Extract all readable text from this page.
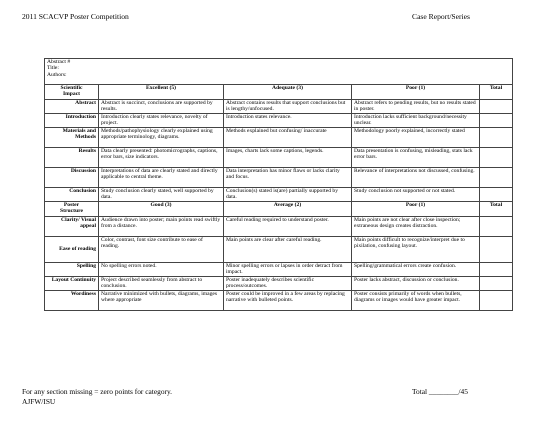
2011 SCACVP Poster Competition	Case Report/Series
Abstract #
Title:
Authors:				

Scientific
Impact	Excellent (5)	Adequate (3)	Poor (1)	Total
Abstract	Abstract is succinct, conclusions are supported by results.	Abstract contains results that support conclusions but is lengthy/unfocused.	Abstract refers to pending results, but no results stated in poster.	
Introduction	Introduction clearly states relevance, novelty of project.	Introduction states relevance.	Introduction lacks sufficient background/necessity unclear.	
Materials and Methods	Methods/pathophysiology clearly explained using appropriate terminology, diagrams.	Methods explained but confusing/ inaccurate	Methodology poorly explained, incorrectly stated	
Results	Data clearly presented: photomicrographs, captions, error bars, size indicators.	Images, charts lack some captions, legends.	Data presentation is confusing, misleading, stats lack error bars.	
Discussion	Interpretations of data are clearly stated and directly applicable to central theme.	Data interpretation has minor flaws or lacks clarity and focus.	Relevance of interpretations not discussed, confusing.	
Conclusion	Study conclusion clearly stated, well supported by data.	Conclusion(s) stated is(are) partially supported by data.	Study conclusion not supported or not stated.	

Poster
Structure	Good (3)	Average (2)	Poor (1)	Total
Clarity/ Visual appeal	Audience drawn into poster; main points read swiftly from a distance.	Careful reading required to understand poster.	Main points are not clear after close inspection; extraneous design creates distraction.	
Ease of reading	Color, contrast, font size contribute to ease of reading.	Main points are clear after careful reading.	Main points difficult to recognize/interpret due to pixilation, confusing layout.	
Spelling	No spelling errors noted.	Minor spelling errors or lapses in order detract from impact.	Spelling/grammatical errors create confusion.	
Layout Continuity	Project described seamlessly from abstract to conclusion.	Poster inadequately describes scientific process/outcomes.	Poster lacks abstract, discussion or conclusion.	
Wordiness	Narrative minimized with bullets, diagrams, images where appropriate	Poster could be improved in a few areas by replacing narrative with bulleted points.	Poster consists primarily of words when bullets, diagrams or images would have greater impact.	
For any section missing = zero points for category.
AJFW/ISU
Total ________/45
